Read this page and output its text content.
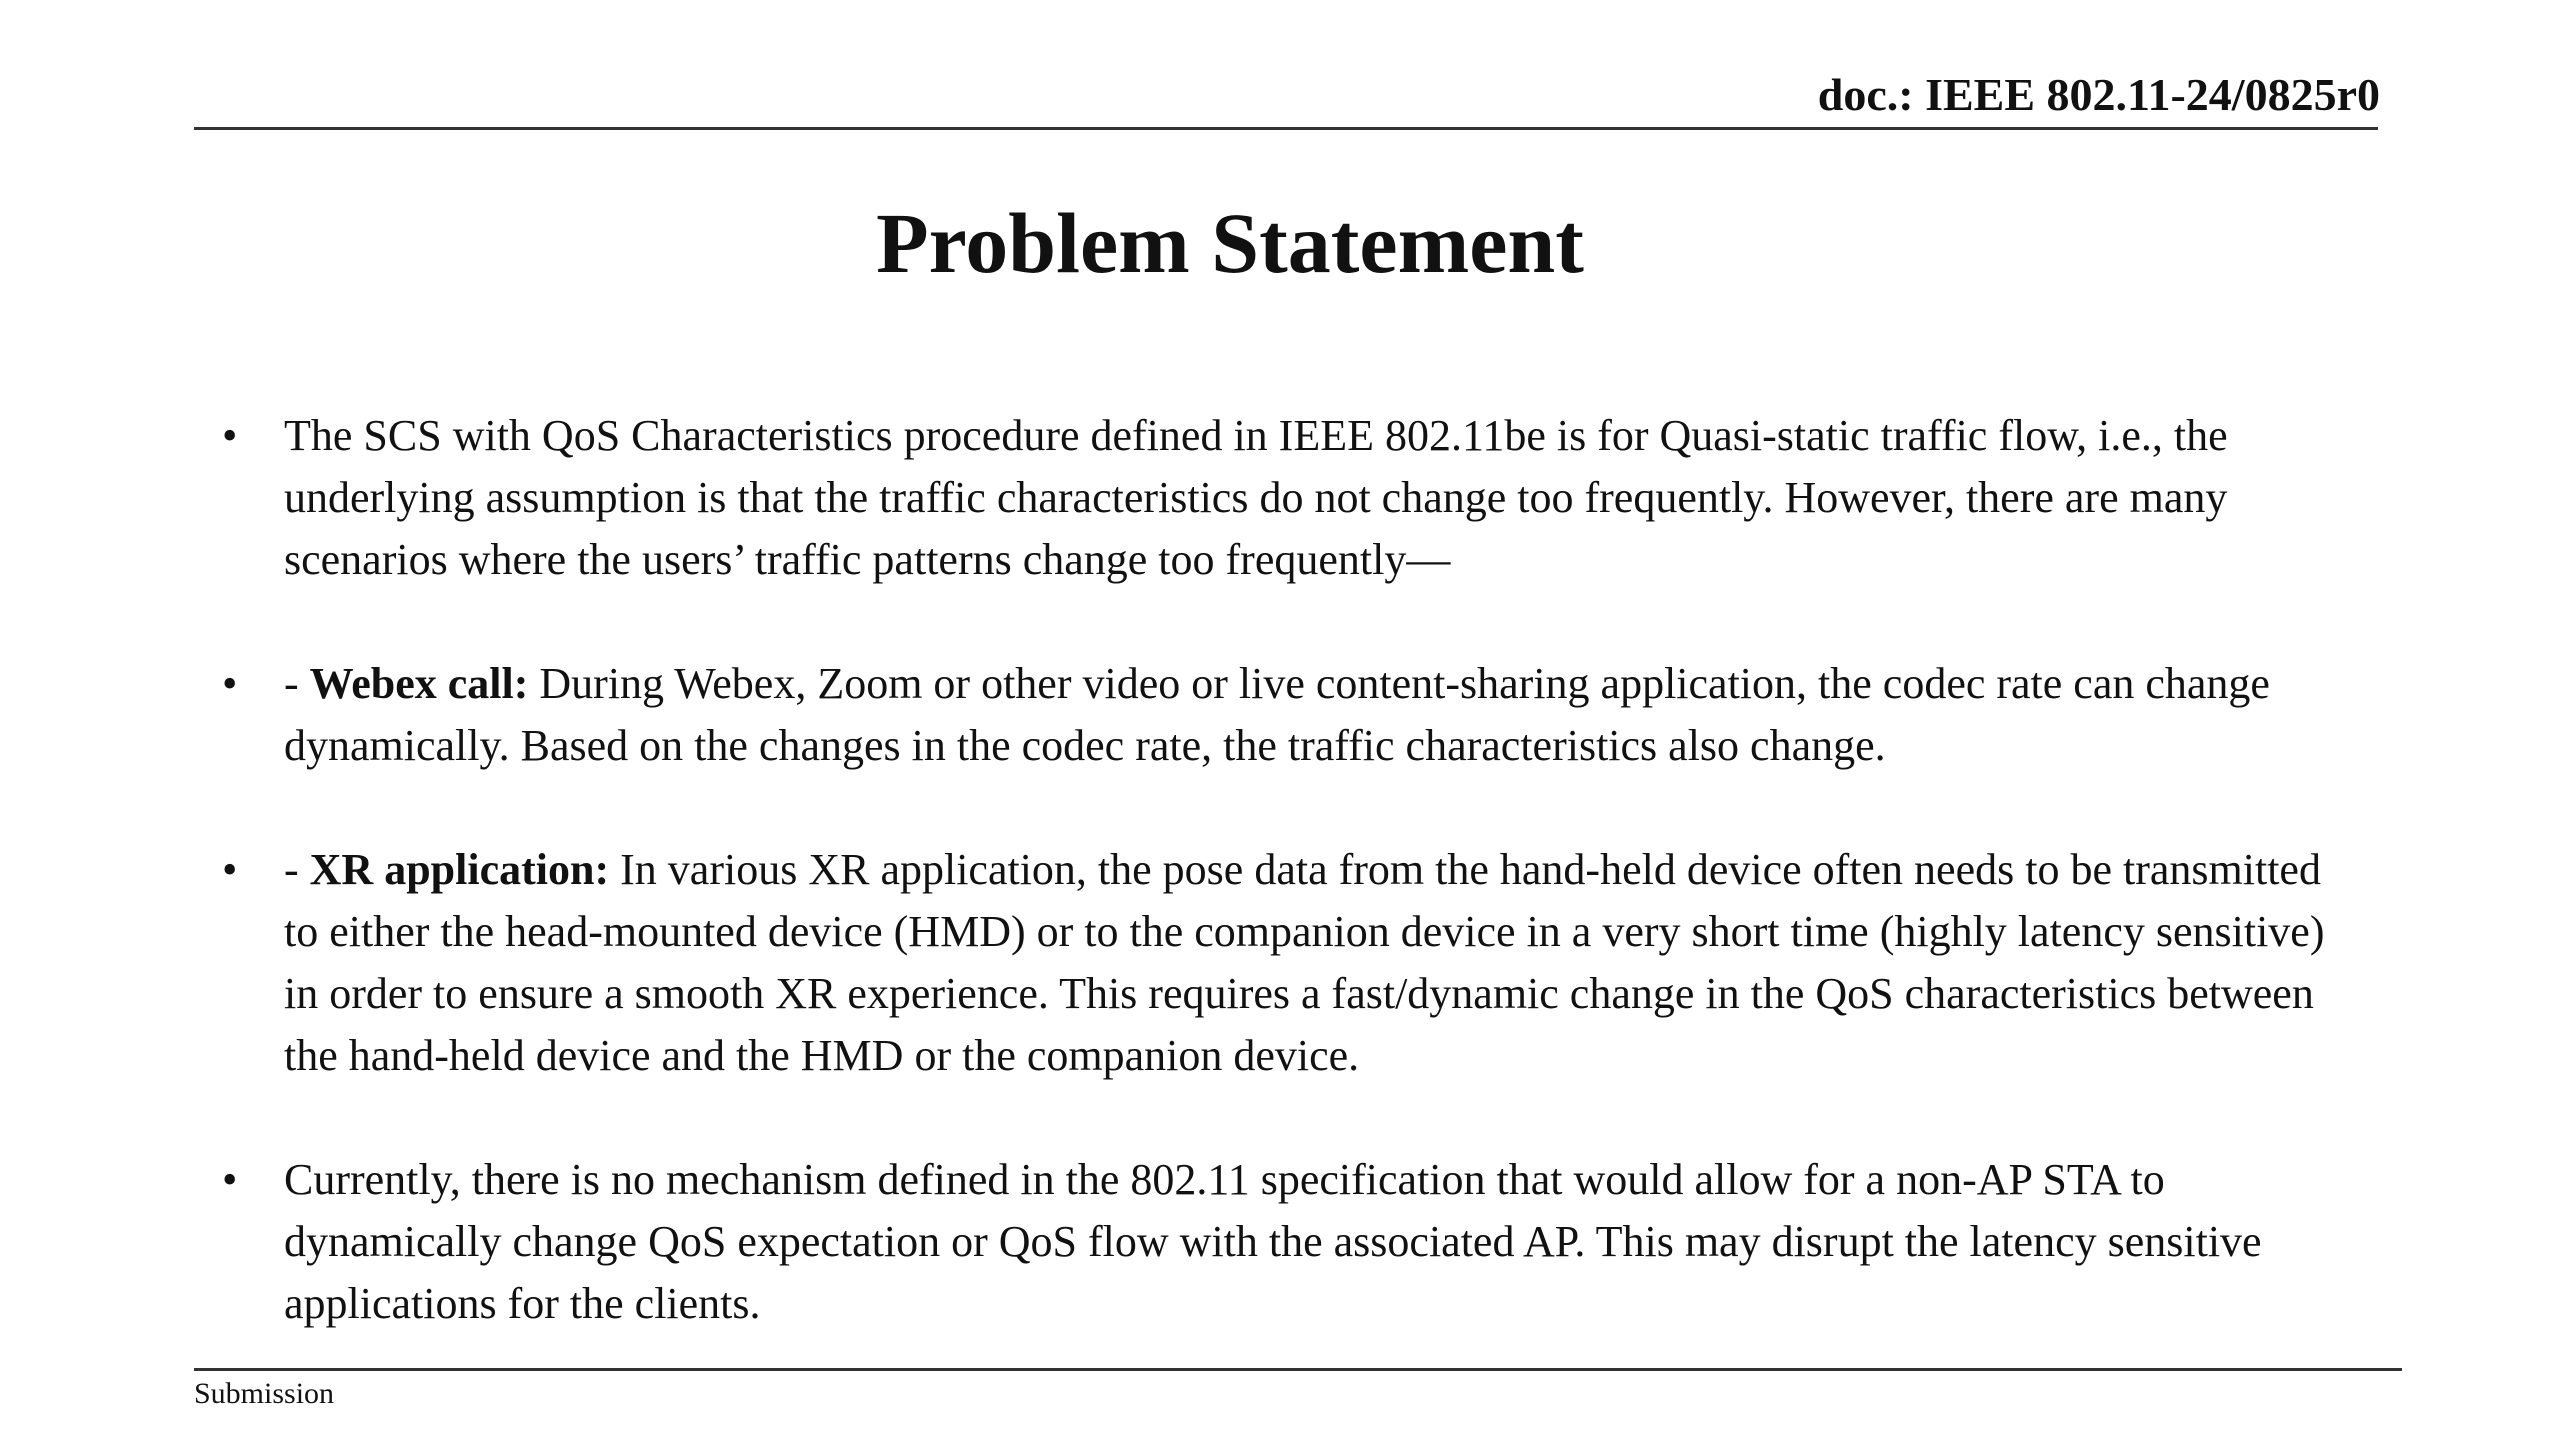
doc.: IEEE 802.11-24/0825r0
Problem Statement
• The SCS with QoS Characteristics procedure defined in IEEE 802.11be is for Quasi-static traffic flow, i.e., the underlying assumption is that the traffic characteristics do not change too frequently. However, there are many scenarios where the users’ traffic patterns change too frequently—
• - Webex call: During Webex, Zoom or other video or live content-sharing application, the codec rate can change dynamically. Based on the changes in the codec rate, the traffic characteristics also change.
• - XR application: In various XR application, the pose data from the hand-held device often needs to be transmitted to either the head-mounted device (HMD) or to the companion device in a very short time (highly latency sensitive) in order to ensure a smooth XR experience. This requires a fast/dynamic change in the QoS characteristics between the hand-held device and the HMD or the companion device.
• Currently, there is no mechanism defined in the 802.11 specification that would allow for a non-AP STA to dynamically change QoS expectation or QoS flow with the associated AP. This may disrupt the latency sensitive applications for the clients.
Submission
